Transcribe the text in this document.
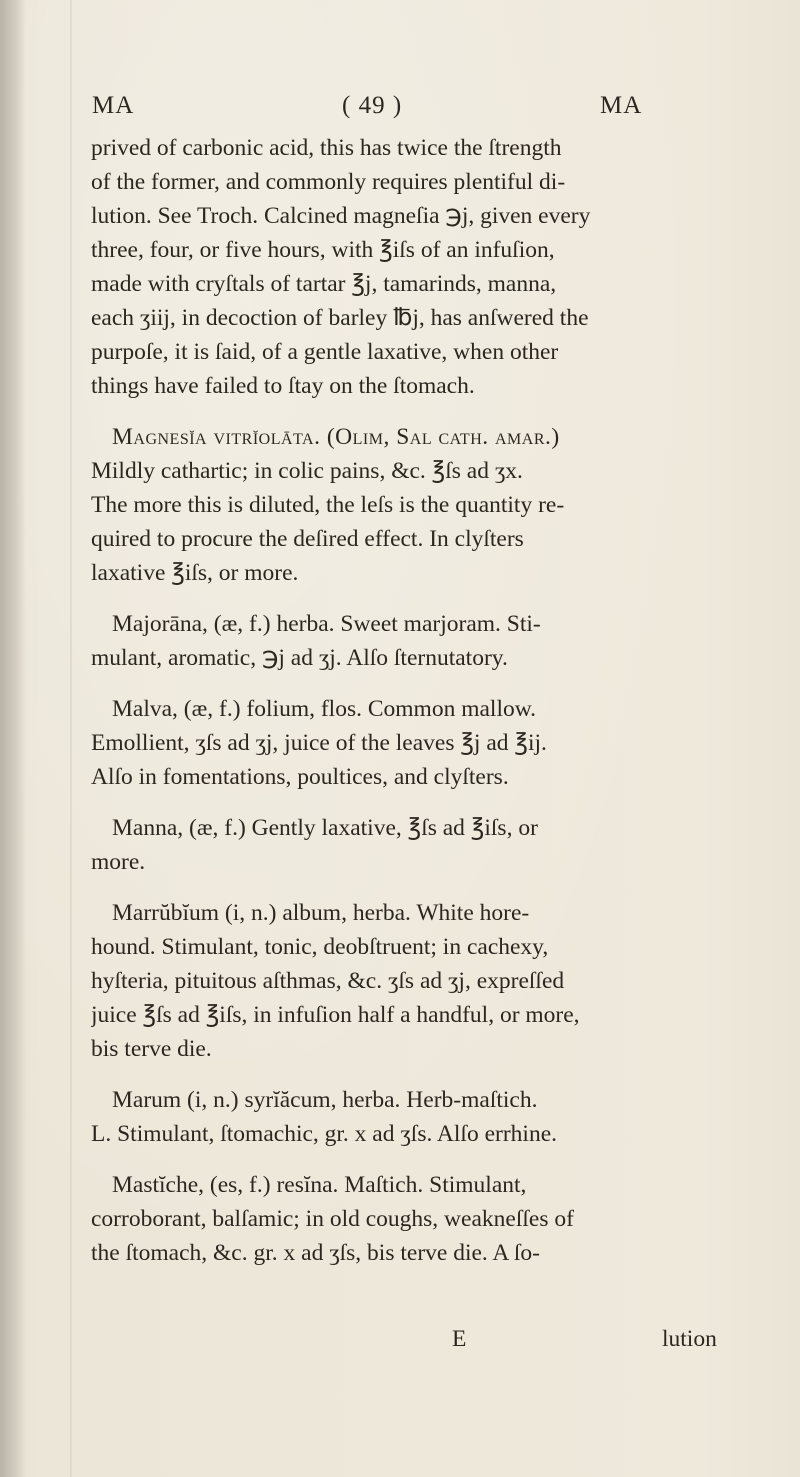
MA	( 49 )	MA
prived of carbonic acid, this has twice the ſtrength
of the former, and commonly requires plentiful di-
lution. See Troch. Calcined magneſia ℈j, given every
three, four, or five hours, with ℥iſs of an infuſion,
made with cryſtals of tartar ℥j, tamarinds, manna,
each ʒiij, in decoction of barley ℔j, has anſwered the
purpoſe, it is ſaid, of a gentle laxative, when other
things have failed to ſtay on the ſtomach.
Magnesĭa vitrĭolāta. (Olim, Sal cath. amar.)
Mildly cathartic; in colic pains, &c. ℥ſs ad ʒx.
The more this is diluted, the leſs is the quantity re-
quired to procure the deſired effect. In clyſters
laxative ℥iſs, or more.
Majorāna, (æ, f.) herba. Sweet marjoram. Sti-
mulant, aromatic, ℈j ad ʒj. Alſo ſternutatory.
Malva, (æ, f.) folium, flos. Common mallow.
Emollient, ʒſs ad ʒj, juice of the leaves ℥j ad ℥ij.
Alſo in fomentations, poultices, and clyſters.
Manna, (æ, f.) Gently laxative, ℥ſs ad ℥iſs, or
more.
Marrŭbĭum (i, n.) album, herba. White hore-
hound. Stimulant, tonic, deobſtruent; in cachexy,
hyſteria, pituitous aſthmas, &c. ʒſs ad ʒj, expreſſed
juice ℥ſs ad ℥iſs, in infuſion half a handful, or more,
bis terve die.
Marum (i, n.) syrĭăcum, herba. Herb-maſtich.
L. Stimulant, ſtomachic, gr. x ad ʒſs. Alſo errhine.
Mastĭche, (es, f.) resĭna. Maſtich. Stimulant,
corroborant, balſamic; in old coughs, weakneſſes of
the ſtomach, &c. gr. x ad ʒſs, bis terve die. A ſo-
E	lution
